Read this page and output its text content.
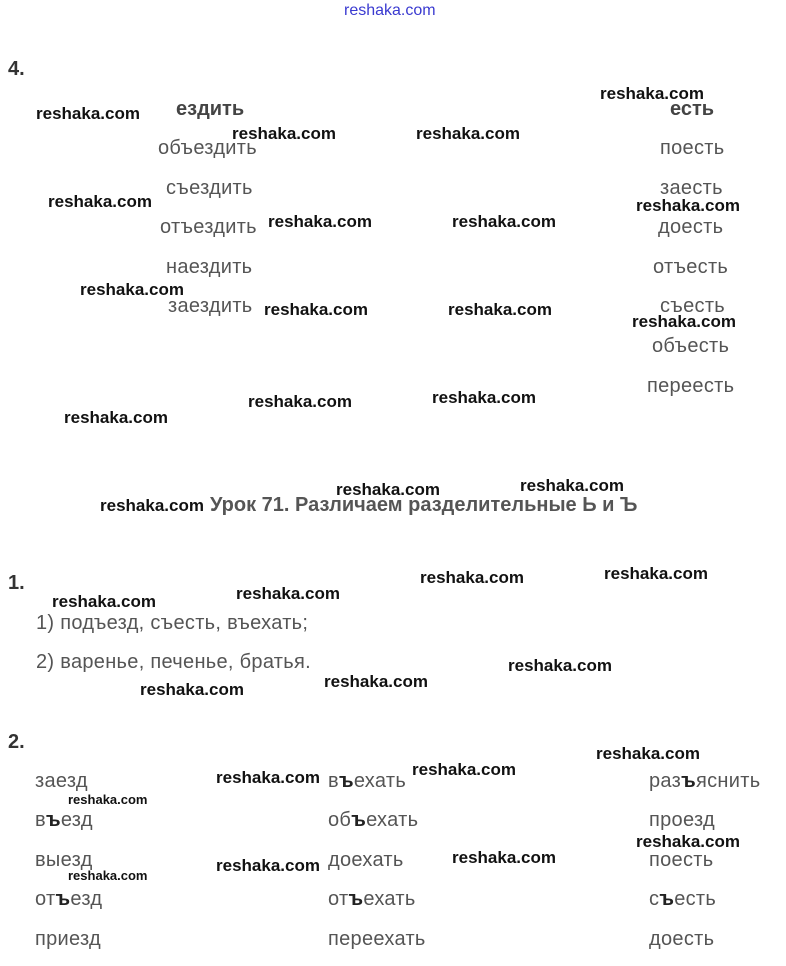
reshaka.com
4.
ездить
объездить
съездить
отъездить
наездить
заездить
есть
поесть
заесть
доесть
отъесть
съесть
объесть
переесть
Урок 71. Различаем разделительные Ь и Ъ
1.
1) подъезд, съесть, въехать;
2) варенье, печенье, братья.
2.
заезд
въезд
выезд
отъезд
приезд
въехать
объехать
доехать
отъехать
переехать
разъяснить
проезд
поесть
съесть
доесть
reshaka.com
reshaka.com
reshaka.com	reshaka.com
reshaka.com	reshaka.com
reshaka.com	reshaka.com
reshaka.com
reshaka.com	reshaka.com
reshaka.com
reshaka.com
reshaka.com	reshaka.com
reshaka.com
reshaka.com
reshaka.com
reshaka.com	reshaka.com
reshaka.com
reshaka.com
reshaka.com
reshaka.com
reshaka.com
reshaka.com
reshaka.com
reshaka.com
reshaka.com
reshaka.com
reshaka.com
reshaka.com
reshaka.com
